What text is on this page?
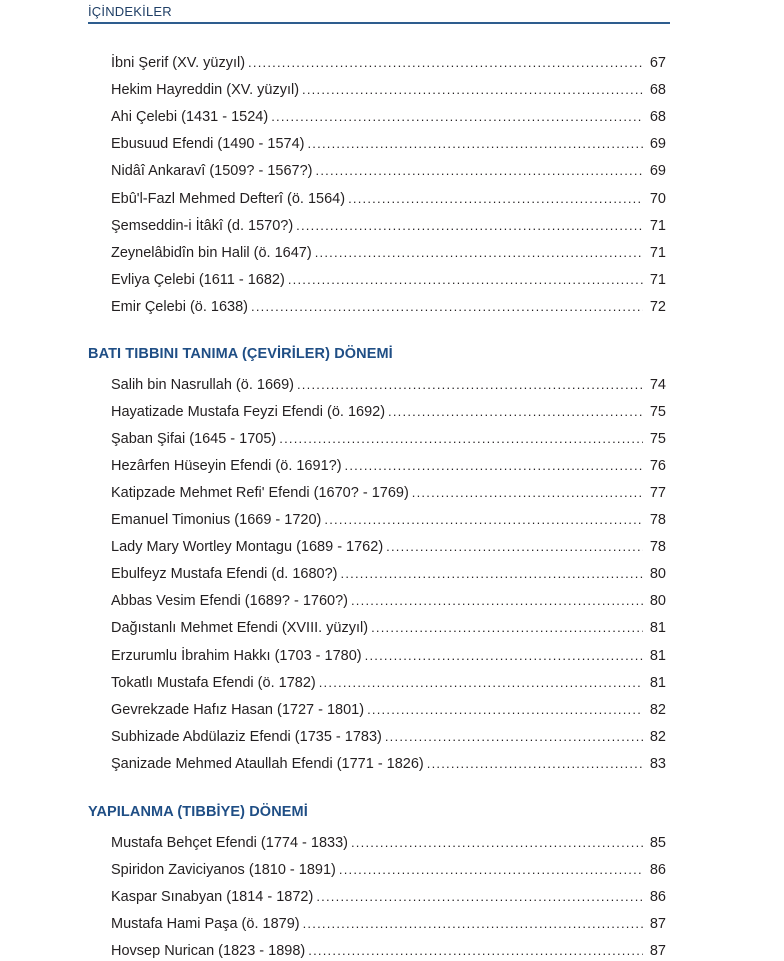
İÇİNDEKİLER
İbni Şerif (XV. yüzyıl) . . .	67
Hekim Hayreddin (XV. yüzyıl) . . .	68
Ahi Çelebi (1431 - 1524) . . .	68
Ebusuud Efendi (1490 - 1574) . . .	69
Nidâî Ankaravî (1509? - 1567?) . . .	69
Ebû'l-Fazl Mehmed Defterî (ö. 1564) . . .	70
Şemseddin-i İtâkî (d. 1570?) . . .	71
Zeynelâbidîn bin Halil (ö. 1647) . . .	71
Evliya Çelebi (1611 - 1682) . . .	71
Emir Çelebi (ö. 1638) . . .	72
BATI TIBBINI TANIMA (ÇEVİRİLER) DÖNEMİ
Salih bin Nasrullah (ö. 1669) . . .	74
Hayatizade Mustafa Feyzi Efendi (ö. 1692) . . .	75
Şaban Şifai (1645 - 1705) . . .	75
Hezârfen Hüseyin Efendi (ö. 1691?) . . .	76
Katipzade Mehmet Refi' Efendi (1670? - 1769) . . .	77
Emanuel Timonius (1669 - 1720) . . .	78
Lady Mary Wortley Montagu (1689 - 1762) . . .	78
Ebulfeyz Mustafa Efendi (d. 1680?) . . .	80
Abbas Vesim Efendi (1689? - 1760?) . . .	80
Dağıstanlı Mehmet Efendi (XVIII. yüzyıl) . . .	81
Erzurumlu İbrahim Hakkı (1703 - 1780) . . .	81
Tokatlı Mustafa Efendi (ö. 1782) . . .	81
Gevrekzade Hafız Hasan (1727 - 1801) . . .	82
Subhizade Abdülaziz Efendi (1735 - 1783) . . .	82
Şanizade Mehmed Ataullah Efendi (1771 - 1826) . . .	83
YAPILANMA (TIBBİYE) DÖNEMİ
Mustafa Behçet Efendi (1774 - 1833) . . .	85
Spiridon Zaviciyanos (1810 - 1891) . . .	86
Kaspar Sınabyan (1814 - 1872) . . .	86
Mustafa Hami Paşa (ö. 1879) . . .	87
Hovsep Nurican (1823 - 1898) . . .	87
